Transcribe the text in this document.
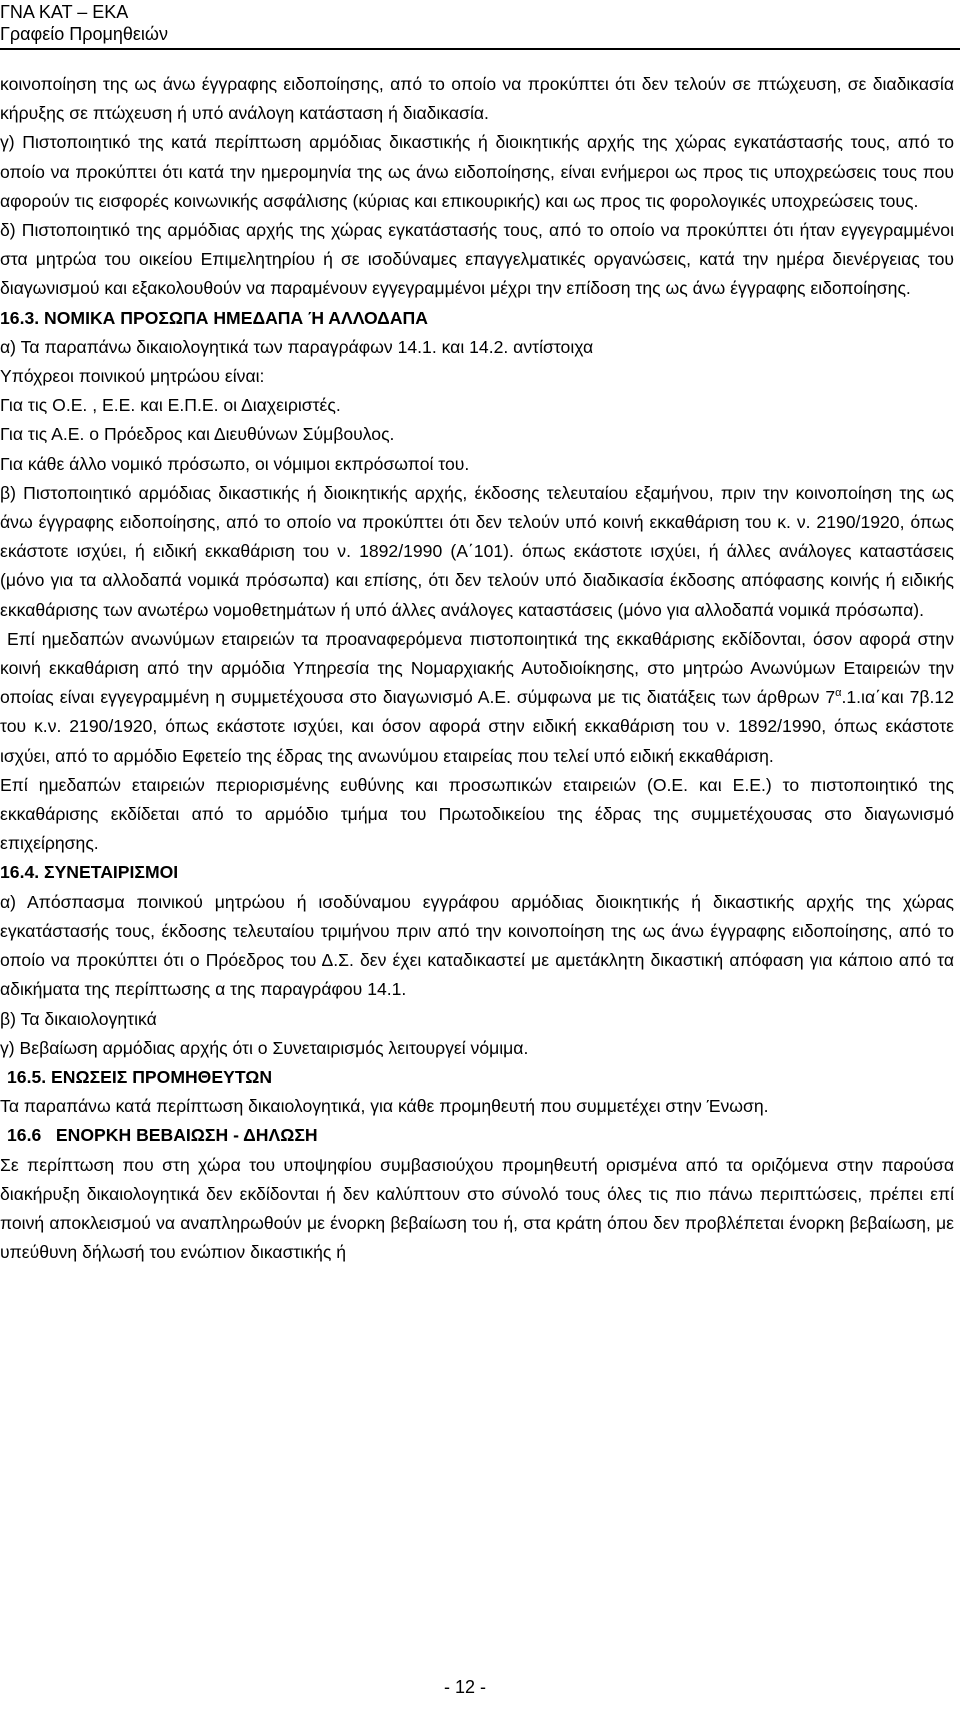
ΓΝΑ ΚΑΤ – ΕΚΑ
Γραφείο Προμηθειών

κοινοποίηση της ως άνω έγγραφης ειδοποίησης, από το οποίο να προκύπτει ότι δεν τελούν σε πτώχευση, σε διαδικασία κήρυξης σε πτώχευση ή υπό ανάλογη κατάσταση ή διαδικασία.

γ) Πιστοποιητικό της κατά περίπτωση αρμόδιας δικαστικής ή διοικητικής αρχής της χώρας εγκατάστασής τους, από το οποίο να προκύπτει ότι κατά την ημερομηνία της ως άνω ειδοποίησης, είναι ενήμεροι ως προς τις υποχρεώσεις τους που αφορούν τις εισφορές κοινωνικής ασφάλισης (κύριας και επικουρικής) και ως προς τις φορολογικές υποχρεώσεις τους.

δ) Πιστοποιητικό της αρμόδιας αρχής της χώρας εγκατάστασής τους, από το οποίο να προκύπτει ότι ήταν εγγεγραμμένοι στα μητρώα του οικείου Επιμελητηρίου ή σε ισοδύναμες επαγγελματικές οργανώσεις, κατά την ημέρα διενέργειας του διαγωνισμού και εξακολουθούν να παραμένουν εγγεγραμμένοι μέχρι την επίδοση της ως άνω έγγραφης ειδοποίησης.

16.3. ΝΟΜΙΚΑ ΠΡΟΣΩΠΑ ΗΜΕΔΑΠΑ Ή ΑΛΛΟΔΑΠΑ

α) Τα παραπάνω δικαιολογητικά των παραγράφων 14.1. και 14.2. αντίστοιχα

Υπόχρεοι ποινικού μητρώου είναι:

Για τις Ο.Ε. , Ε.Ε. και Ε.Π.Ε. οι Διαχειριστές.

Για τις Α.Ε. ο Πρόεδρος και Διευθύνων Σύμβουλος.

Για κάθε άλλο νομικό πρόσωπο, οι νόμιμοι εκπρόσωποί του.

β) Πιστοποιητικό αρμόδιας δικαστικής ή διοικητικής αρχής, έκδοσης τελευταίου εξαμήνου, πριν την κοινοποίηση της ως άνω έγγραφης ειδοποίησης, από το οποίο να προκύπτει ότι δεν τελούν υπό κοινή εκκαθάριση του κ. ν. 2190/1920, όπως εκάστοτε ισχύει, ή ειδική εκκαθάριση του ν. 1892/1990 (Α΄101). όπως εκάστοτε ισχύει, ή άλλες ανάλογες καταστάσεις (μόνο για τα αλλοδαπά νομικά πρόσωπα) και επίσης, ότι δεν τελούν υπό διαδικασία έκδοσης απόφασης κοινής ή ειδικής εκκαθάρισης των ανωτέρω νομοθετημάτων ή υπό άλλες ανάλογες καταστάσεις (μόνο για αλλοδαπά νομικά πρόσωπα).

Επί ημεδαπών ανωνύμων εταιρειών τα προαναφερόμενα πιστοποιητικά της εκκαθάρισης εκδίδονται, όσον αφορά στην κοινή εκκαθάριση από την αρμόδια Υπηρεσία της Νομαρχιακής Αυτοδιοίκησης, στο μητρώο Ανωνύμων Εταιρειών την οποίας είναι εγγεγραμμένη η συμμετέχουσα στο διαγωνισμό Α.Ε. σύμφωνα με τις διατάξεις των άρθρων $7^\alpha.1.\iota\alpha΄\kappa\alpha\iota$ 7β.12 του κ.ν. 2190/1920, όπως εκάστοτε ισχύει, και όσον αφορά στην ειδική εκκαθάριση του ν. 1892/1990, όπως εκάστοτε ισχύει, από το αρμόδιο Εφετείο της έδρας της ανωνύμου εταιρείας που τελεί υπό ειδική εκκαθάριση.

Επί ημεδαπών εταιρειών περιορισμένης ευθύνης και προσωπικών εταιρειών (Ο.Ε. και Ε.Ε.) το πιστοποιητικό της εκκαθάρισης εκδίδεται από το αρμόδιο τμήμα του Πρωτοδικείου της έδρας της συμμετέχουσας στο διαγωνισμό επιχείρησης.

16.4. ΣΥΝΕΤΑΙΡΙΣΜΟΙ

α) Απόσπασμα ποινικού μητρώου ή ισοδύναμου εγγράφου αρμόδιας διοικητικής ή δικαστικής αρχής της χώρας εγκατάστασής τους, έκδοσης τελευταίου τριμήνου πριν από την κοινοποίηση της ως άνω έγγραφης ειδοποίησης, από το οποίο να προκύπτει ότι ο Πρόεδρος του Δ.Σ. δεν έχει καταδικαστεί με αμετάκλητη δικαστική απόφαση για κάποιο από τα αδικήματα της περίπτωσης α της παραγράφου 14.1.

β) Τα δικαιολογητικά

γ) Βεβαίωση αρμόδιας αρχής ότι ο Συνεταιρισμός λειτουργεί νόμιμα.

16.5. ΕΝΩΣΕΙΣ ΠΡΟΜΗΘΕΥΤΩΝ

Τα παραπάνω κατά περίπτωση δικαιολογητικά, για κάθε προμηθευτή που συμμετέχει στην Ένωση.

16.6   ΕΝΟΡΚΗ ΒΕΒΑΙΩΣΗ - ΔΗΛΩΣΗ

Σε περίπτωση που στη χώρα του υποψηφίου συμβασιούχου προμηθευτή ορισμένα από τα οριζόμενα στην παρούσα διακήρυξη δικαιολογητικά δεν εκδίδονται ή δεν καλύπτουν στο σύνολό τους όλες τις πιο πάνω περιπτώσεις, πρέπει επί ποινή αποκλεισμού να αναπληρωθούν με ένορκη βεβαίωση του ή, στα κράτη όπου δεν προβλέπεται ένορκη βεβαίωση, με υπεύθυνη δήλωσή του ενώπιον δικαστικής ή

- 12 -
